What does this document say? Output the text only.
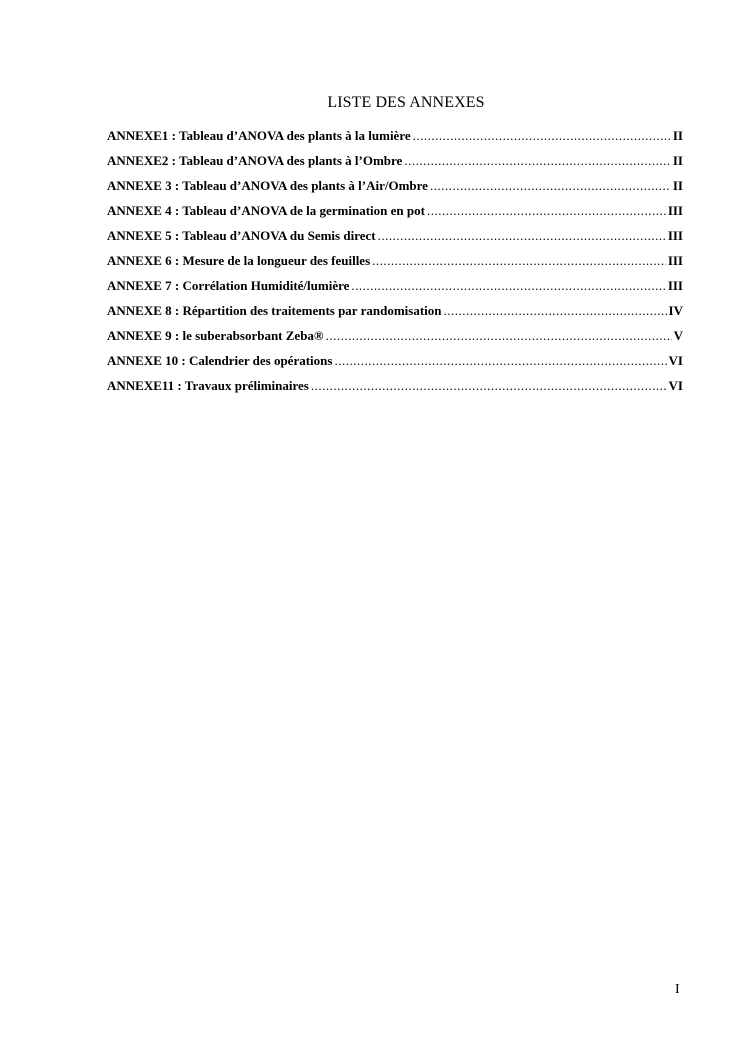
LISTE DES ANNEXES
ANNEXE1 : Tableau d’ANOVA des plants à la lumière .....	II
ANNEXE2 : Tableau d’ANOVA des plants à l’Ombre .....	II
ANNEXE 3 : Tableau d’ANOVA des plants à l’Air/Ombre .....	II
ANNEXE 4 : Tableau d’ANOVA de la germination en pot .....	III
ANNEXE 5 : Tableau d’ANOVA du Semis direct .....	III
ANNEXE 6 : Mesure de la longueur des feuilles .....	III
ANNEXE 7 : Corrélation Humidité/lumière .....	III
ANNEXE 8 : Répartition des traitements par randomisation .....	IV
ANNEXE 9 : le suberabsorbant Zeba® .....	V
ANNEXE 10 : Calendrier des opérations .....	VI
ANNEXE11 : Travaux préliminaires .....	VI
I
